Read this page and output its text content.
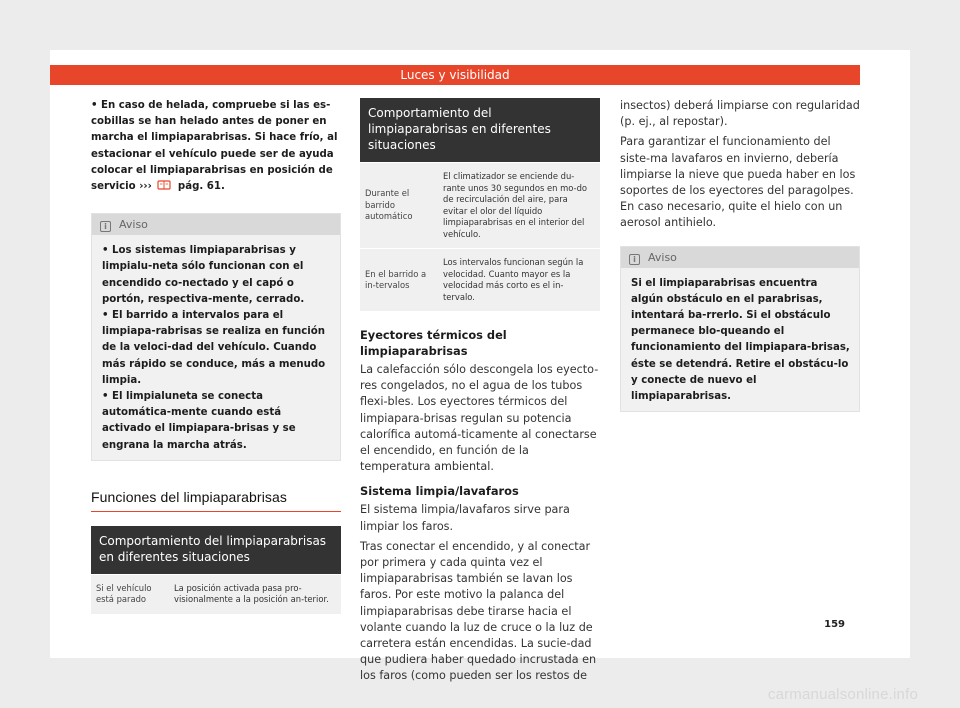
Luces y visibilidad
• En caso de helada, compruebe si las es-cobillas se han helado antes de poner en marcha el limpiaparabrisas. Si hace frío, al estacionar el vehículo puede ser de ayuda colocar el limpiaparabrisas en posición de servicio ›››	pág. 61.
i Aviso
• Los sistemas limpiaparabrisas y limpialu-neta sólo funcionan con el encendido co-nectado y el capó o portón, respectiva-mente, cerrado.
• El barrido a intervalos para el limpiapa-rabrisas se realiza en función de la veloci-dad del vehículo. Cuando más rápido se conduce, más a menudo limpia.
• El limpialuneta se conecta automática-mente cuando está activado el limpiapara-brisas y se engrana la marcha atrás.
Funciones del limpiaparabrisas
Comportamiento del limpiaparabrisas en diferentes situaciones
Si el vehículo está parado
La posición activada pasa pro-visionalmente a la posición an-terior.
Comportamiento del limpiaparabrisas en diferentes situaciones
Durante el barrido automático
El climatizador se enciende du-rante unos 30 segundos en mo-do de recirculación del aire, para evitar el olor del líquido limpiaparabrisas en el interior del vehículo.
En el barrido a in-tervalos
Los intervalos funcionan según la velocidad. Cuanto mayor es la velocidad más corto es el in-tervalo.
Eyectores térmicos del limpiaparabrisas
La calefacción sólo descongela los eyecto-res congelados, no el agua de los tubos flexi-bles. Los eyectores térmicos del limpiapara-brisas regulan su potencia calorífica automá-ticamente al conectarse el encendido, en función de la temperatura ambiental.
Sistema limpia/lavafaros
El sistema limpia/lavafaros sirve para limpiar los faros.
Tras conectar el encendido, y al conectar por primera y cada quinta vez el limpiaparabrisas también se lavan los faros. Por este motivo la palanca del limpiaparabrisas debe tirarse hacia el volante cuando la luz de cruce o la luz de carretera están encendidas. La sucie-dad que pudiera haber quedado incrustada en los faros (como pueden ser los restos de
insectos) deberá limpiarse con regularidad (p. ej., al repostar).
Para garantizar el funcionamiento del siste-ma lavafaros en invierno, debería limpiarse la nieve que pueda haber en los soportes de los eyectores del paragolpes. En caso necesario, quite el hielo con un aerosol antihielo.
i Aviso
Si el limpiaparabrisas encuentra algún obstáculo en el parabrisas, intentará ba-rrerlo. Si el obstáculo permanece blo-queando el funcionamiento del limpiapara-brisas, éste se detendrá. Retire el obstácu-lo y conecte de nuevo el limpiaparabrisas.
159
carmanualsonline.info
